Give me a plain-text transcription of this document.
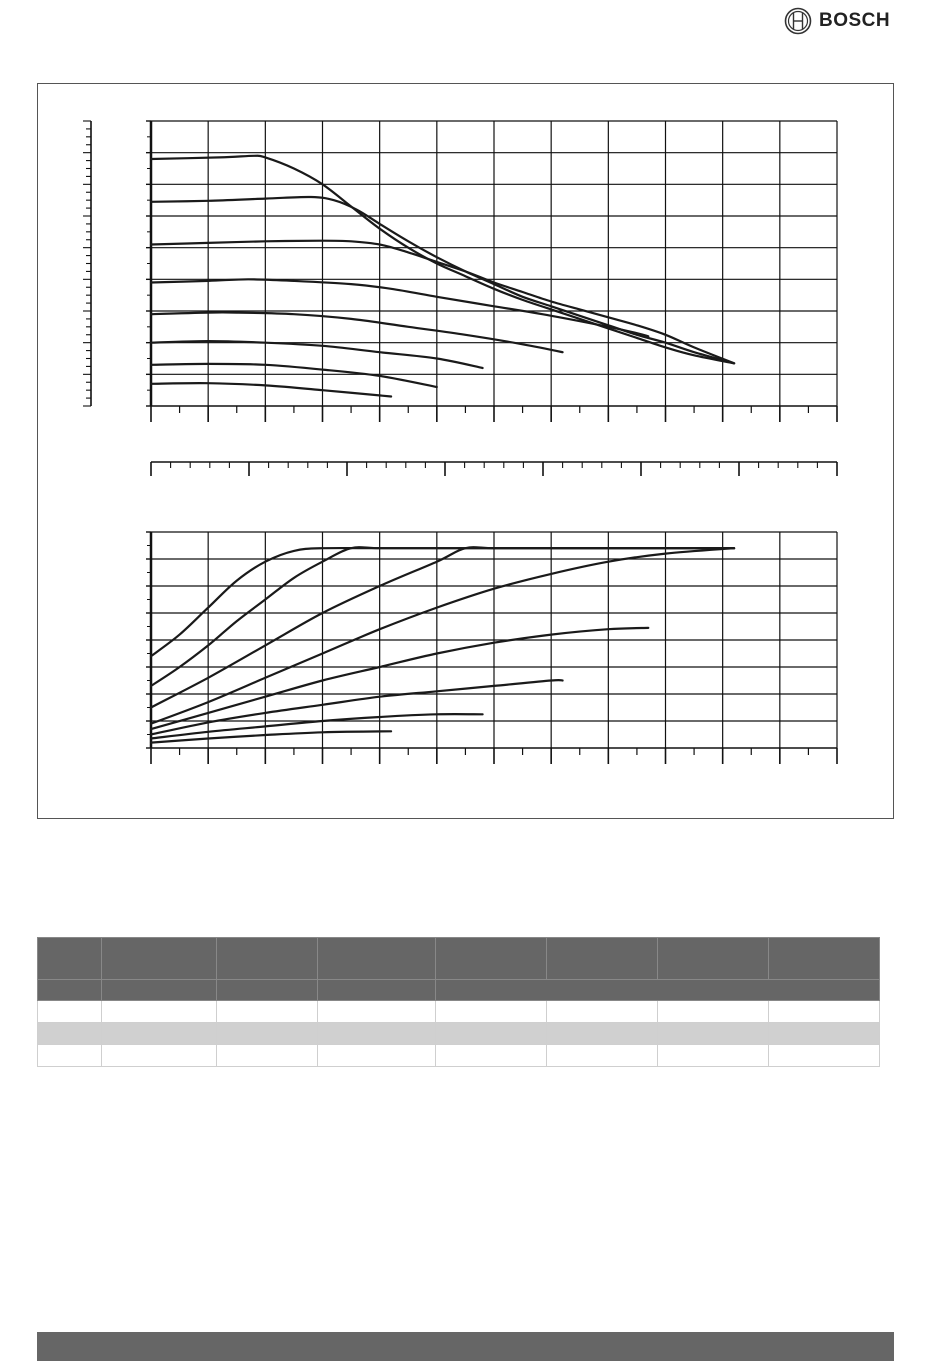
BOSCH
